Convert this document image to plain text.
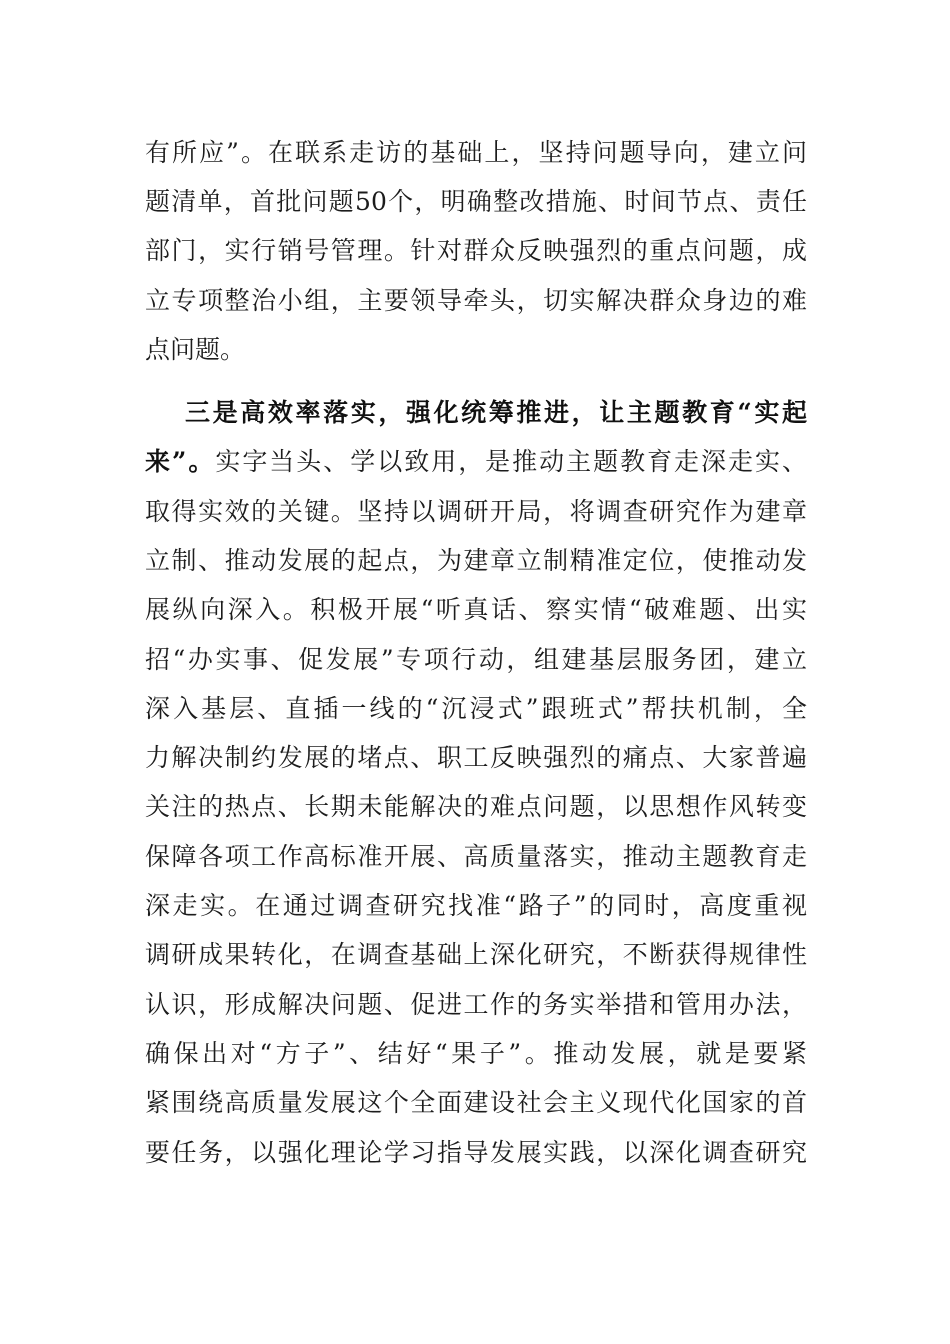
有所应”。在联系走访的基础上，坚持问题导向，建立问
题清单，首批问题50个，明确整改措施、时间节点、责任
部门，实行销号管理。针对群众反映强烈的重点问题，成
立专项整治小组，主要领导牵头，切实解决群众身边的难
点问题。
三是高效率落实，强化统筹推进，让主题教育“实起
来”。实字当头、学以致用，是推动主题教育走深走实、
取得实效的关键。坚持以调研开局，将调查研究作为建章
立制、推动发展的起点，为建章立制精准定位，使推动发
展纵向深入。积极开展“听真话、察实情“破难题、出实
招“办实事、促发展”专项行动，组建基层服务团，建立
深入基层、直插一线的“沉浸式”跟班式”帮扶机制，全
力解决制约发展的堵点、职工反映强烈的痛点、大家普遍
关注的热点、长期未能解决的难点问题，以思想作风转变
保障各项工作高标准开展、高质量落实，推动主题教育走
深走实。在通过调查研究找准“路子”的同时，高度重视
调研成果转化，在调查基础上深化研究，不断获得规律性
认识，形成解决问题、促进工作的务实举措和管用办法，
确保出对“方子”、结好“果子”。推动发展，就是要紧
紧围绕高质量发展这个全面建设社会主义现代化国家的首
要任务，以强化理论学习指导发展实践，以深化调查研究
